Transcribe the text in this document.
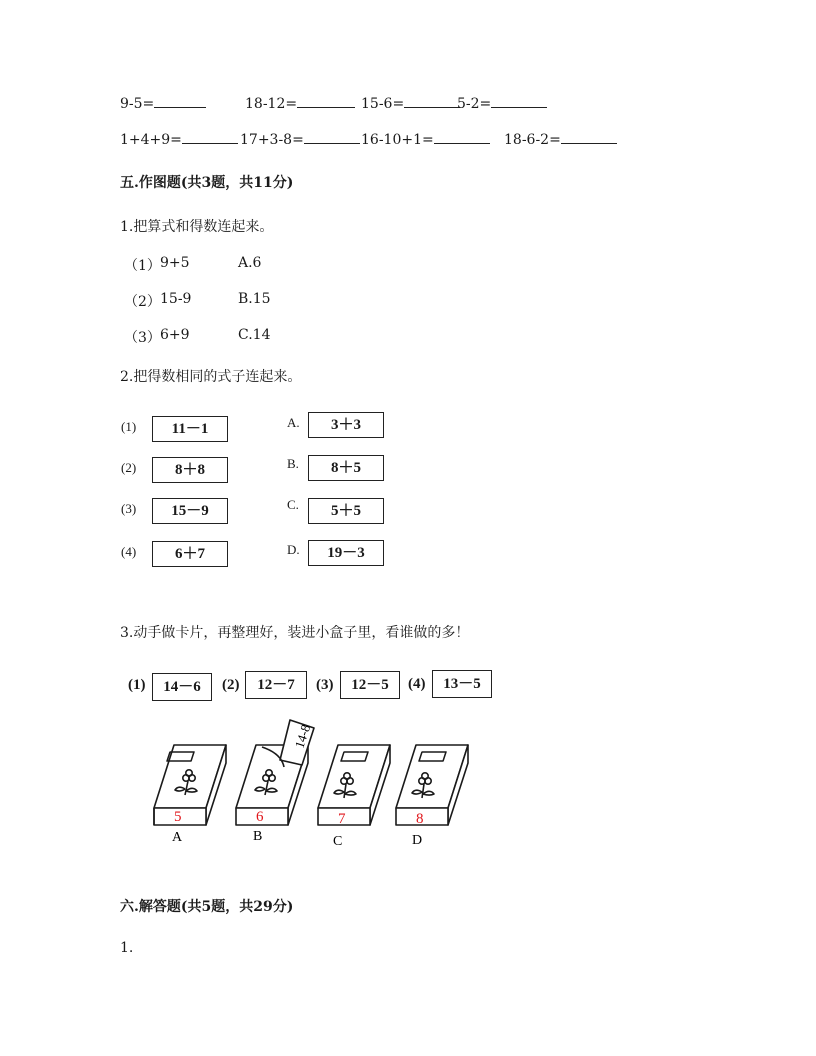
9-5=	18-12=	15-6=	5-2=
1+4+9=	17+3-8=	16-10+1=	18-6-2=
五.作图题(共3题，共11分)
1.把算式和得数连起来。
（1） 9+5	A.6
（2） 15-9	B.15
（3） 6+9	C.14
2.把得数相同的式子连起来。
(1)	11－1
(2)	8＋8
(3)	15－9
(4)	6＋7
A.	3＋3
B.	8＋5
C.	5＋5
D.	19－3
3.动手做卡片，再整理好，装进小盒子里，看谁做的多！
(1)	14－6	(2)	12－7	(3)	12－5	(4)	13－5
14-8
5	6	7	8
A	B	C	D
六.解答题(共5题，共29分)
1.
